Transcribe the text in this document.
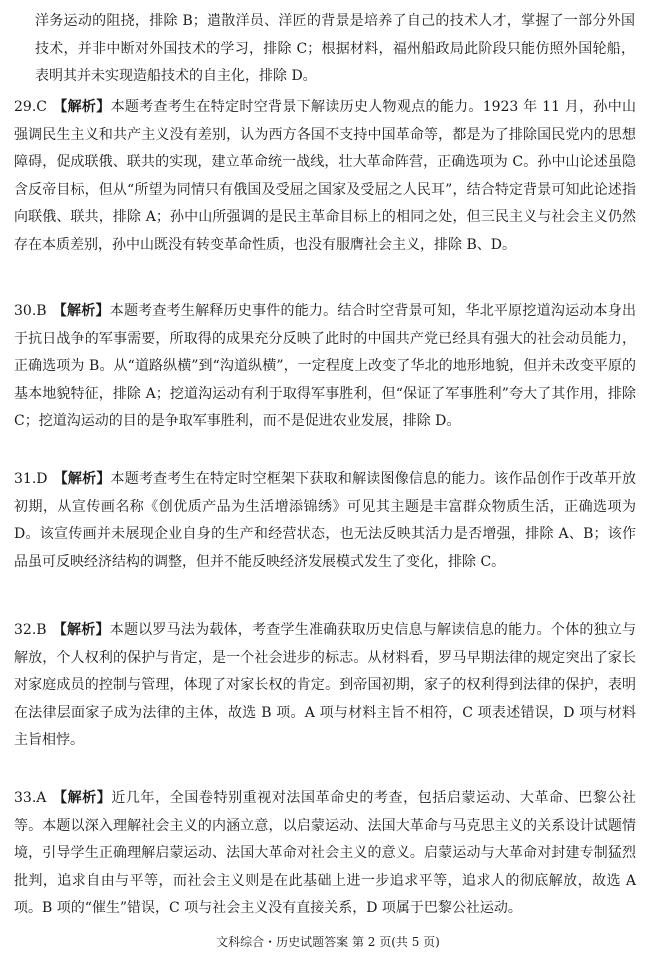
洋务运动的阻挠，排除 B；遣散洋员、洋匠的背景是培养了自己的技术人才，掌握了一部分外国技术，并非中断对外国技术的学习，排除 C；根据材料，福州船政局此阶段只能仿照外国轮船，表明其并未实现造船技术的自主化，排除 D。
29.C 【解析】本题考查考生在特定时空背景下解读历史人物观点的能力。1923 年 11 月，孙中山强调民生主义和共产主义没有差别，认为西方各国不支持中国革命等，都是为了排除国民党内的思想障碍，促成联俄、联共的实现，建立革命统一战线，壮大革命阵营，正确选项为 C。孙中山论述虽隐含反帝目标，但从“所望为同情只有俄国及受屈之国家及受屈之人民耳”，结合特定背景可知此论述指向联俄、联共，排除 A；孙中山所强调的是民主革命目标上的相同之处，但三民主义与社会主义仍然存在本质差别，孙中山既没有转变革命性质，也没有服膺社会主义，排除 B、D。
30.B 【解析】本题考查考生解释历史事件的能力。结合时空背景可知，华北平原挖道沟运动本身出于抗日战争的军事需要，所取得的成果充分反映了此时的中国共产党已经具有强大的社会动员能力，正确选项为 B。从“道路纵横”到“沟道纵横”，一定程度上改变了华北的地形地貌，但并未改变平原的基本地貌特征，排除 A；挖道沟运动有利于取得军事胜利，但“保证了军事胜利”夸大了其作用，排除 C；挖道沟运动的目的是争取军事胜利，而不是促进农业发展，排除 D。
31.D 【解析】本题考查考生在特定时空框架下获取和解读图像信息的能力。该作品创作于改革开放初期，从宣传画名称《创优质产品为生活增添锦绣》可见其主题是丰富群众物质生活，正确选项为 D。该宣传画并未展现企业自身的生产和经营状态，也无法反映其活力是否增强，排除 A、B；该作品虽可反映经济结构的调整，但并不能反映经济发展模式发生了变化，排除 C。
32.B 【解析】本题以罗马法为载体，考查学生准确获取历史信息与解读信息的能力。个体的独立与解放，个人权利的保护与肯定，是一个社会进步的标志。从材料看，罗马早期法律的规定突出了家长对家庭成员的控制与管理，体现了对家长权的肯定。到帝国初期，家子的权利得到法律的保护，表明在法律层面家子成为法律的主体，故选 B 项。A 项与材料主旨不相符，C 项表述错误，D 项与材料主旨相悖。
33.A 【解析】近几年，全国卷特别重视对法国革命史的考查，包括启蒙运动、大革命、巴黎公社等。本题以深入理解社会主义的内涵立意，以启蒙运动、法国大革命与马克思主义的关系设计试题情境，引导学生正确理解启蒙运动、法国大革命对社会主义的意义。启蒙运动与大革命对封建专制猛烈批判，追求自由与平等，而社会主义则是在此基础上进一步追求平等，追求人的彻底解放，故选 A 项。B 项的“催生”错误，C 项与社会主义没有直接关系，D 项属于巴黎公社运动。
文科综合・历史试题答案 第 2 页(共 5 页)
